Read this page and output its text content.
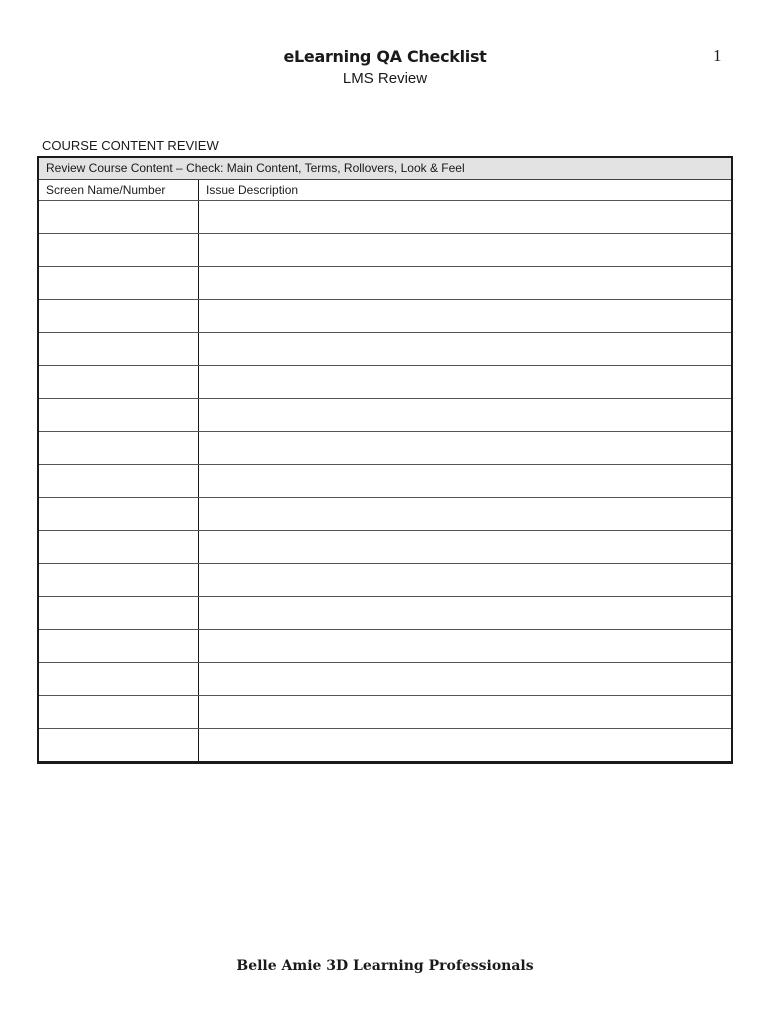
1
eLearning QA Checklist
LMS Review
COURSE CONTENT REVIEW
Review Course Content – Check: Main Content, Terms, Rollovers, Look & Feel
Screen Name/Number	Issue Description
Belle Amie 3D Learning Professionals
